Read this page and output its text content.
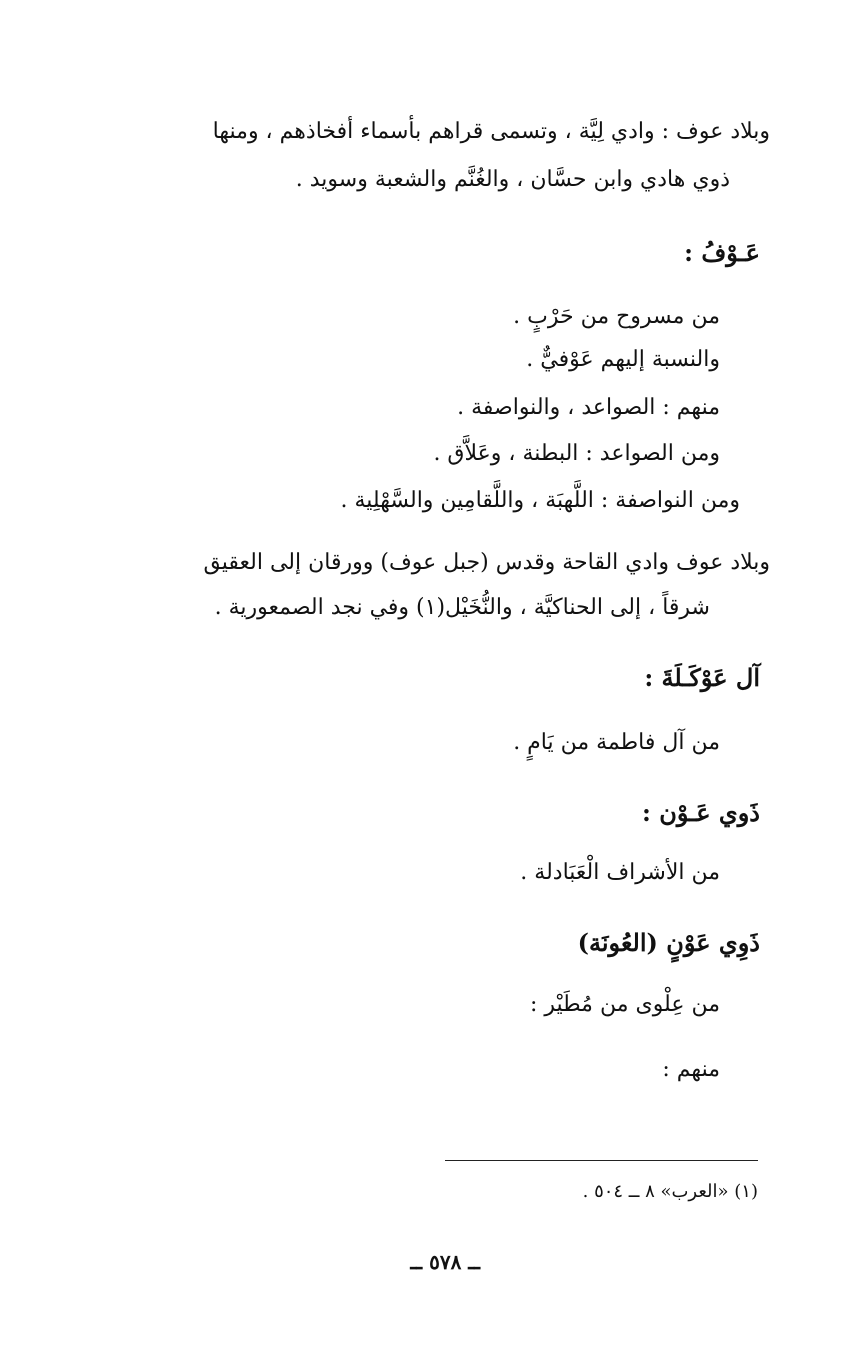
وبلاد عوف : وادي لِيَّة ، وتسمى قراهم بأسماء أفخاذهم ، ومنها
ذوي هادي وابن حسَّان ، والغُنَّم والشعبة وسويد .
عَـوْفُ :
من مسروح من حَرْبٍ .
والنسبة إليهم عَوْفيٌّ .
منهم : الصواعد ، والنواصفة .
ومن الصواعد : البطنة ، وعَلاَّق .
ومن النواصفة : اللَّهبَة ، واللَّقامِين والسَّهْلِية .
وبلاد عوف وادي القاحة وقدس (جبل عوف) وورقان إلى العقيق
شرقاً ، إلى الحناكيَّة ، والنُّخَيْل(١) وفي نجد الصمعورية .
آل عَوْكَـلَةَ :
من آل فاطمة من يَامٍ .
ذَوي عَـوْن :
من الأشراف الْعَبَادلة .
ذَوِي عَوْنٍ (العُونَة)
من عِلْوى من مُطَيْر :
منهم :
(١) «العرب» ٨ ــ ٥٠٤ .
ــ ٥٧٨ ــ
